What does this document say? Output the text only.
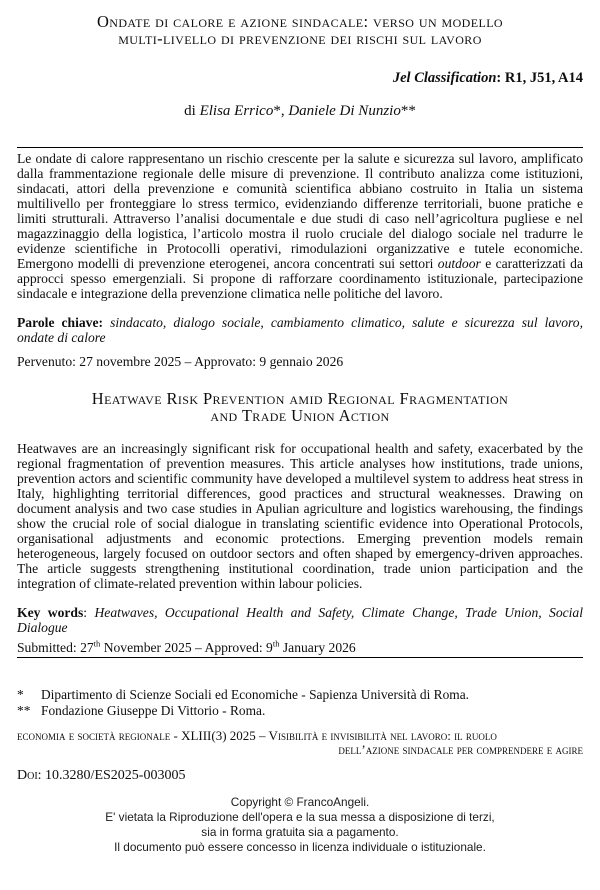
Ondate di calore e azione sindacale: verso un modello
multi-livello di prevenzione dei rischi sul lavoro

Jel Classification: R1, J51, A14

di Elisa Errico*, Daniele Di Nunzio**

Le ondate di calore rappresentano un rischio crescente per la salute e sicurezza sul lavoro, amplificato dalla frammentazione regionale delle misure di prevenzione. Il contributo analizza come istituzioni, sindacati, attori della prevenzione e comunità scientifica abbiano costruito in Italia un sistema multilivello per fronteggiare lo stress termico, evidenziando differenze territoriali, buone pratiche e limiti strutturali. Attraverso l’analisi documentale e due studi di caso nell’agricoltura pugliese e nel magazzinaggio della logistica, l’articolo mostra il ruolo cruciale del dialogo sociale nel tradurre le evidenze scientifiche in Protocolli operativi, rimodulazioni organizzative e tutele economiche. Emergono modelli di prevenzione eterogenei, ancora concentrati sui settori outdoor e caratterizzati da approcci spesso emergenziali. Si propone di rafforzare coordinamento istituzionale, partecipazione sindacale e integrazione della prevenzione climatica nelle politiche del lavoro.

Parole chiave: sindacato, dialogo sociale, cambiamento climatico, salute e sicurezza sul lavoro, ondate di calore

Pervenuto: 27 novembre 2025 – Approvato: 9 gennaio 2026

Heatwave Risk Prevention amid Regional Fragmentation
and Trade Union Action

Heatwaves are an increasingly significant risk for occupational health and safety, exacerbated by the regional fragmentation of prevention measures. This article analyses how institutions, trade unions, prevention actors and scientific community have developed a multilevel system to address heat stress in Italy, highlighting territorial differences, good practices and structural weaknesses. Drawing on document analysis and two case studies in Apulian agriculture and logistics warehousing, the findings show the crucial role of social dialogue in translating scientific evidence into Operational Protocols, organisational adjustments and economic protections. Emerging prevention models remain heterogeneous, largely focused on outdoor sectors and often shaped by emergency-driven approaches. The article suggests strengthening institutional coordination, trade union participation and the integration of climate-related prevention within labour policies.

Key words: Heatwaves, Occupational Health and Safety, Climate Change, Trade Union, Social Dialogue

Submitted: 27th November 2025 – Approved: 9th January 2026

*	Dipartimento di Scienze Sociali ed Economiche - Sapienza Università di Roma.
** Fondazione Giuseppe Di Vittorio - Roma.
economia e società regionale - XLIII(3) 2025 – Visibilità e invisibilità nel lavoro: il ruolo
dell’azione sindacale per comprendere e agire

Doi: 10.3280/ES2025-003005

Copyright © FrancoAngeli.
E' vietata la Riproduzione dell'opera e la sua messa a disposizione di terzi,
sia in forma gratuita sia a pagamento.
Il documento può essere concesso in licenza individuale o istituzionale.
